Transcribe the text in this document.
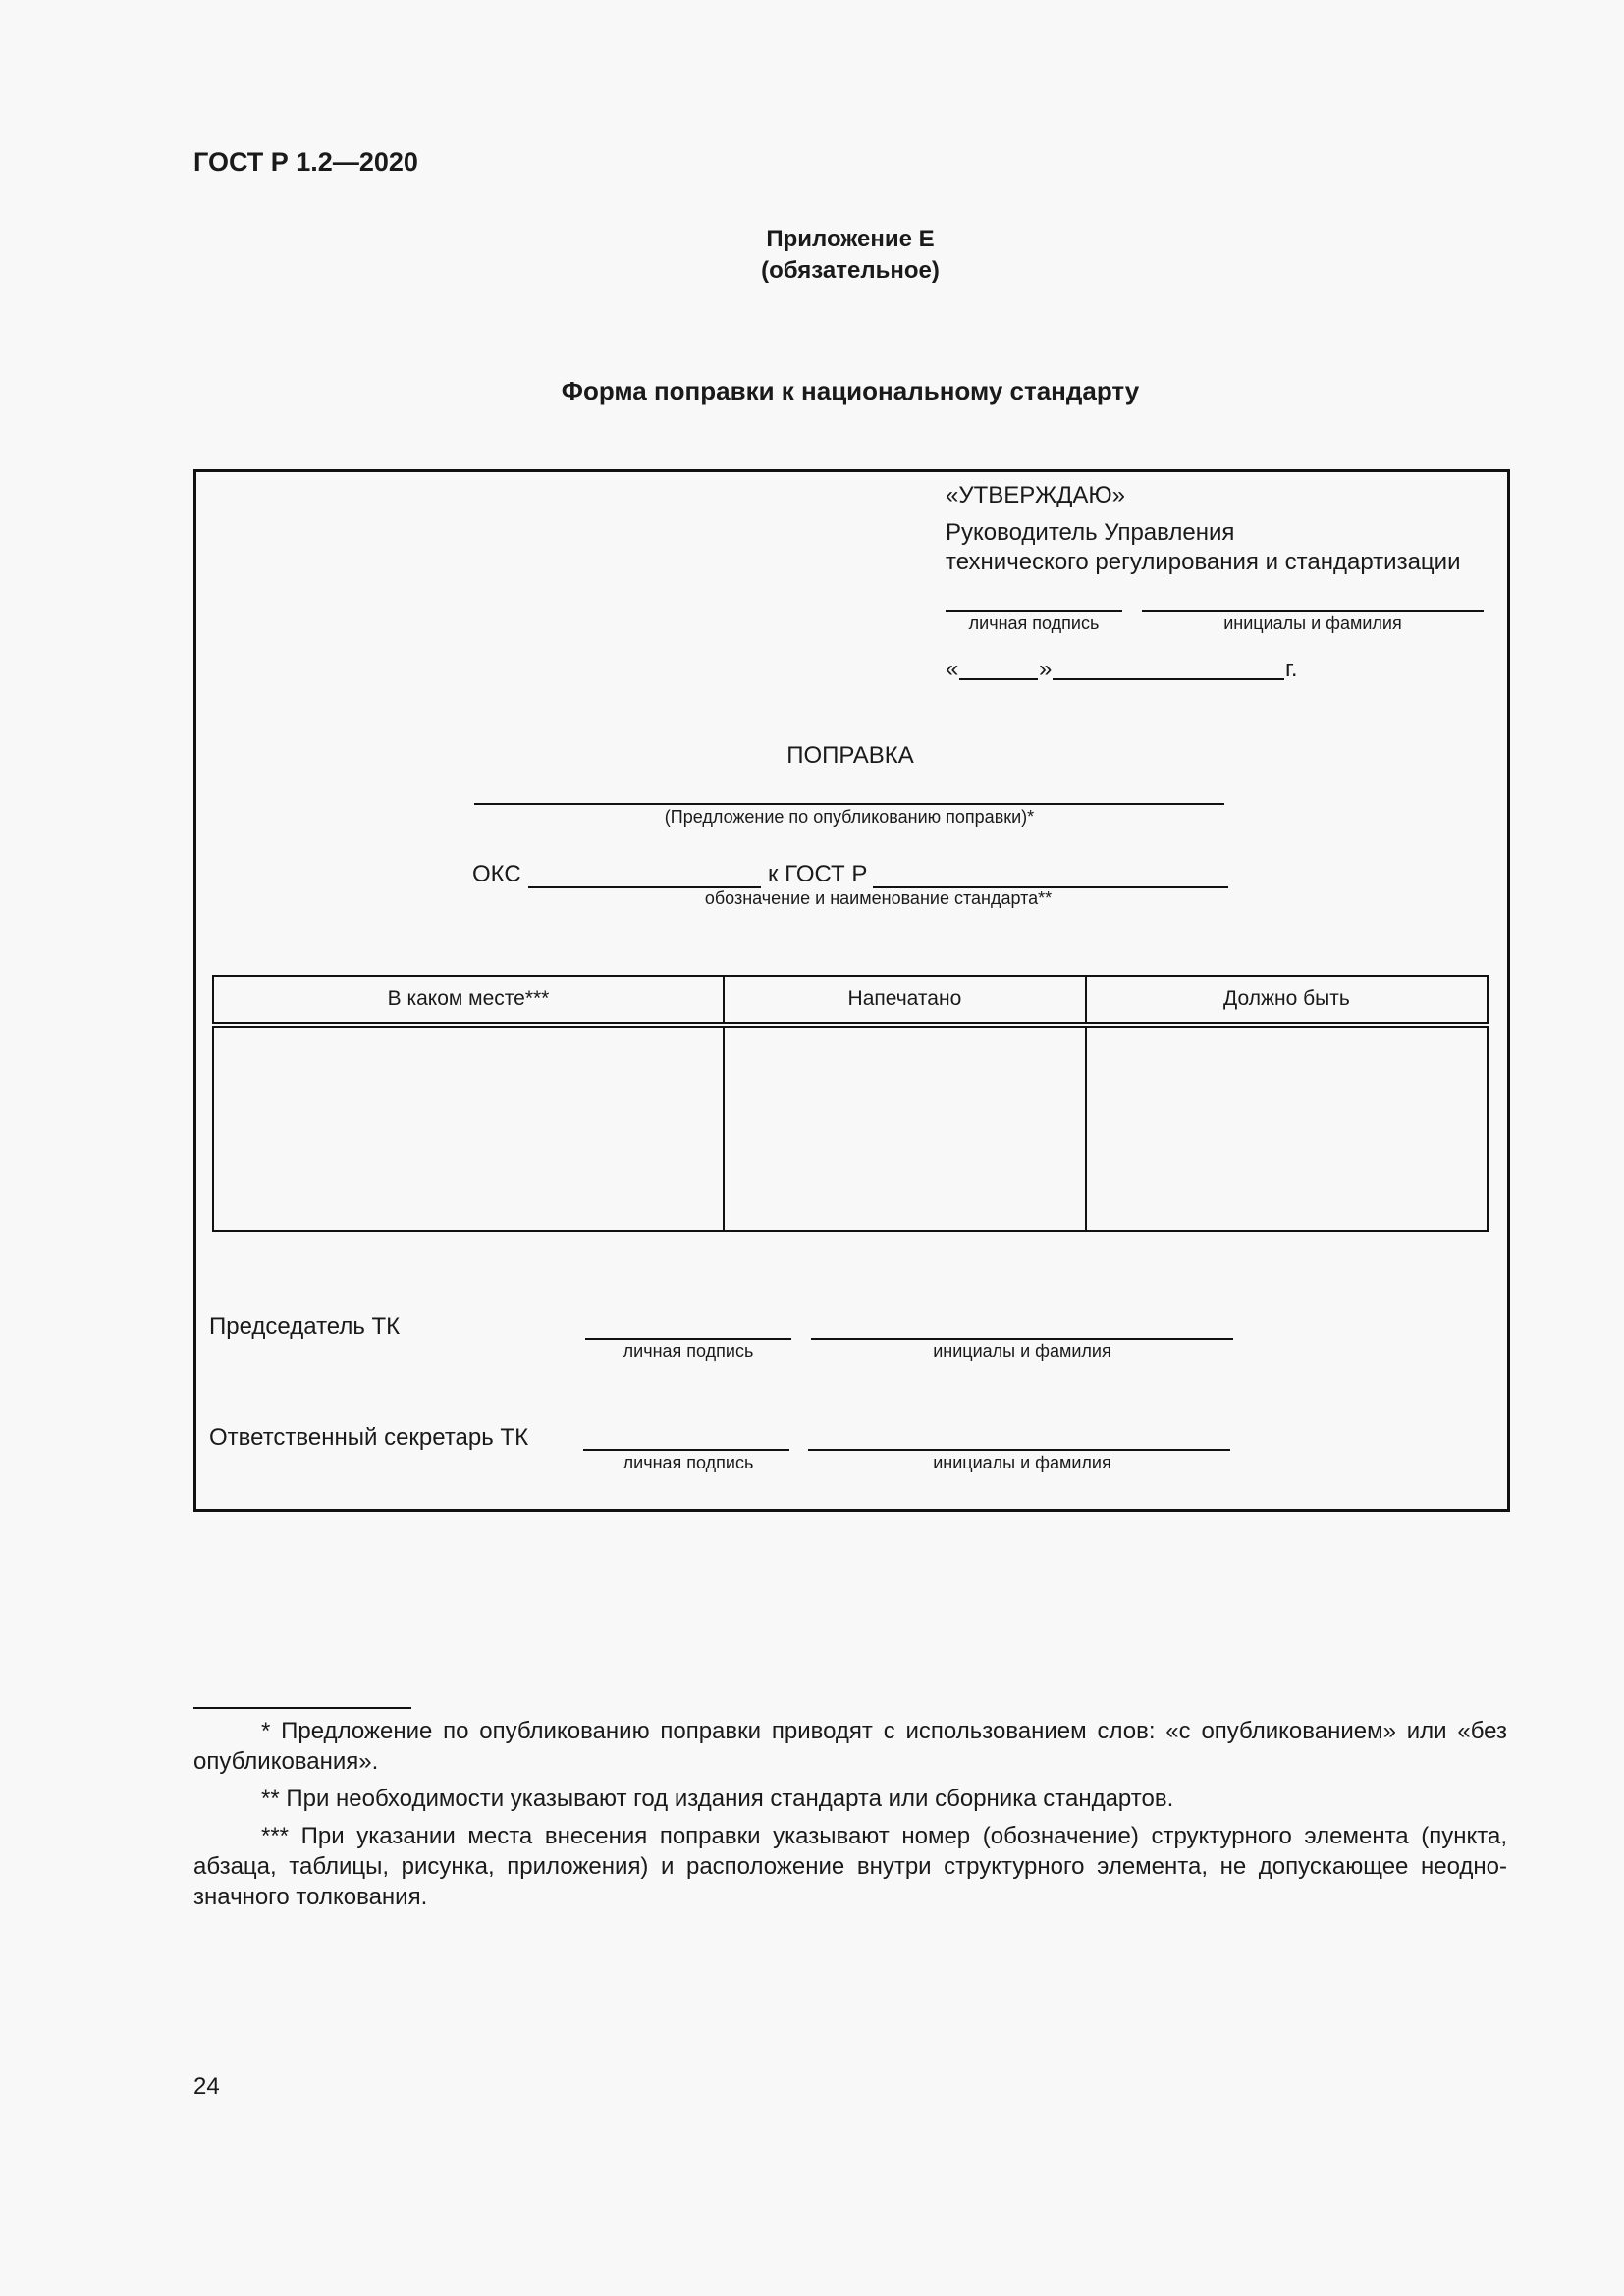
ГОСТ Р 1.2—2020
Приложение Е
(обязательное)
Форма поправки к национальному стандарту
«УТВЕРЖДАЮ»
Руководитель Управления
технического регулирования и стандартизации
личная подпись	инициалы и фамилия
«	»	г.
ПОПРАВКА
(Предложение по опубликованию поправки)*
ОКС	к ГОСТ Р
обозначение и наименование стандарта**
В каком месте***	Напечатано	Должно быть

Председатель ТК
личная подпись	инициалы и фамилия
Ответственный секретарь ТК
личная подпись	инициалы и фамилия
* Предложение по опубликованию поправки приводят с использованием слов: «с опубликованием» или «без опубликования».
** При необходимости указывают год издания стандарта или сборника стандартов.
*** При указании места внесения поправки указывают номер (обозначение) структурного элемента (пункта, абзаца, таблицы, рисунка, приложения) и расположение внутри структурного элемента, не допускающее неоднозначного толкования.
24
